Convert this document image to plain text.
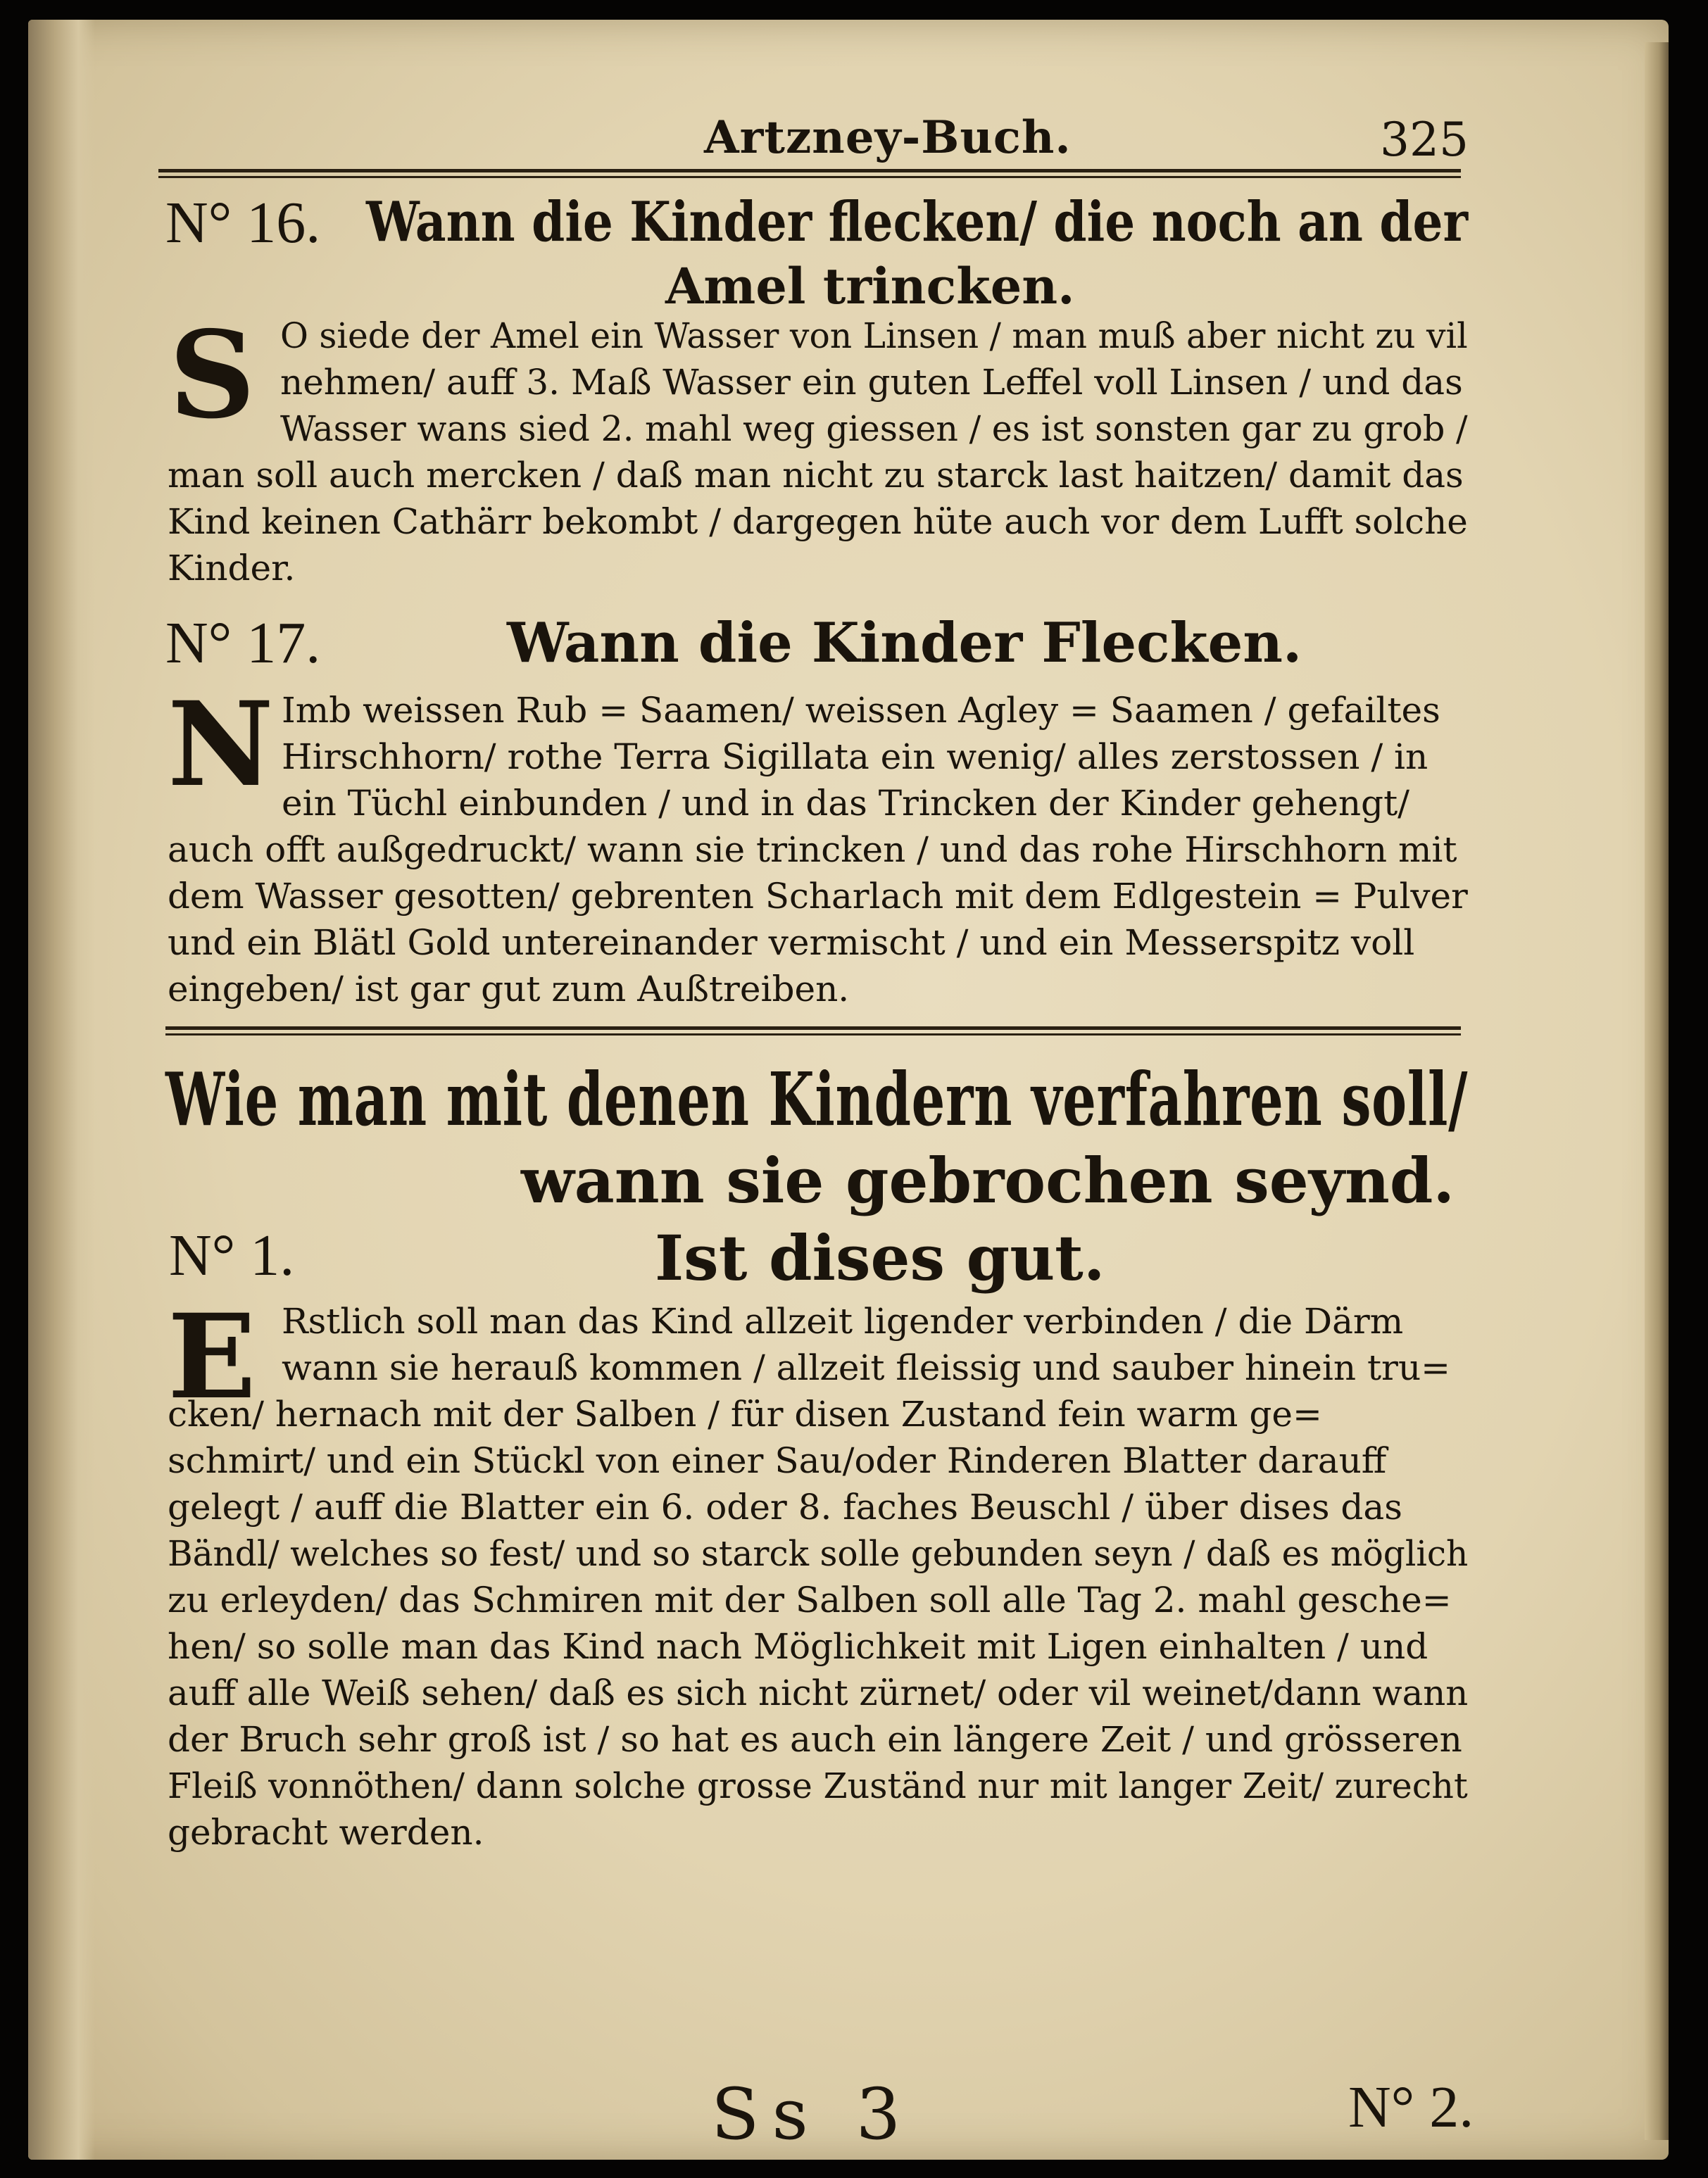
Artzney-Buch.	325
N° 16. Wann die Kinder flecken/ die noch an der
Amel trincken.
S O siede der Amel ein Wasser von Linsen / man muß aber nicht zu vil
nehmen/ auff 3. Maß Wasser ein guten Leffel voll Linsen / und das
Wasser wans sied 2. mahl weg giessen / es ist sonsten gar zu grob /
man soll auch mercken / daß man nicht zu starck last haitzen/ damit das
Kind keinen Cathärr bekombt / dargegen hüte auch vor dem Lufft solche
Kinder.
N° 17.	Wann die Kinder Flecken.
N Imb weissen Rub = Saamen/ weissen Agley = Saamen / gefailtes
Hirschhorn/ rothe Terra Sigillata ein wenig/ alles zerstossen / in
ein Tüchl einbunden / und in das Trincken der Kinder gehengt/
auch offt außgedruckt/ wann sie trincken / und das rohe Hirschhorn mit
dem Wasser gesotten/ gebrenten Scharlach mit dem Edlgestein = Pulver
und ein Blätl Gold untereinander vermischt / und ein Messerspitz voll
eingeben/ ist gar gut zum Außtreiben.
Wie man mit denen Kindern verfahren soll/
wann sie gebrochen seynd.
N° 1.	Ist dises gut.
E Rstlich soll man das Kind allzeit ligender verbinden / die Därm
wann sie herauß kommen / allzeit fleissig und sauber hinein tru=
cken/ hernach mit der Salben / für disen Zustand fein warm ge=
schmirt/ und ein Stückl von einer Sau/oder Rinderen Blatter darauff
gelegt / auff die Blatter ein 6. oder 8. faches Beuschl / über dises das
Bändl/ welches so fest/ und so starck solle gebunden seyn / daß es möglich
zu erleyden/ das Schmiren mit der Salben soll alle Tag 2. mahl gesche=
hen/ so solle man das Kind nach Möglichkeit mit Ligen einhalten / und
auff alle Weiß sehen/ daß es sich nicht zürnet/ oder vil weinet/dann wann
der Bruch sehr groß ist / so hat es auch ein längere Zeit / und grösseren
Fleiß vonnöthen/ dann solche grosse Zuständ nur mit langer Zeit/ zurecht
gebracht werden.
Ss 3	N° 2.
